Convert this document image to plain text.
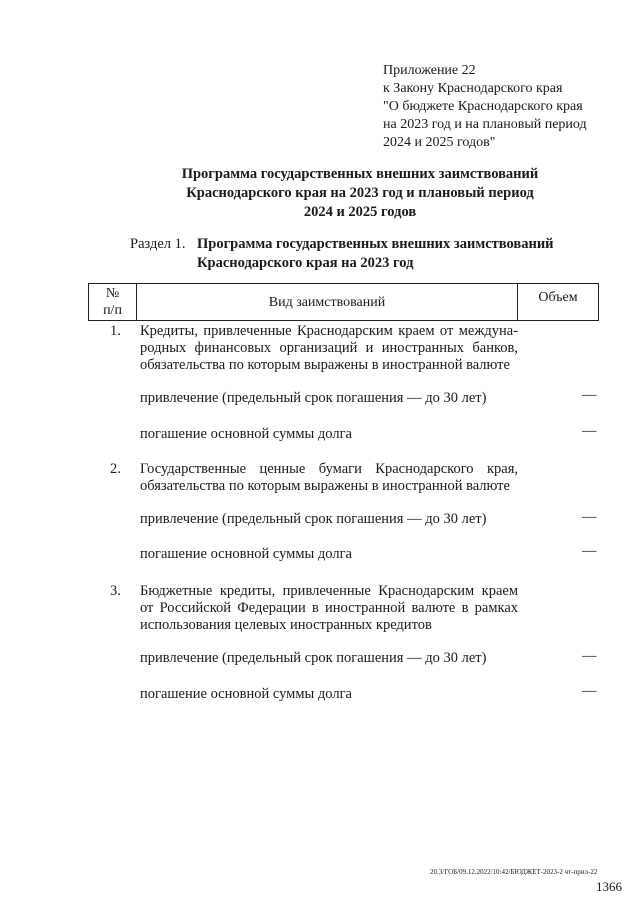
Приложение 22
к Закону Краснодарского края
"О бюджете Краснодарского края
на 2023 год и на плановый период
2024 и 2025 годов"
Программа государственных внешних заимствований
Краснодарского края на 2023 год и плановый период
2024 и 2025 годов
Раздел 1. Программа государственных внешних заимствований
Краснодарского края на 2023 год
№
п/п
	Вид заимствований	Объем
1. Кредиты, привлеченные Краснодарским краем от междуна-родных финансовых организаций и иностранных банков, обязательства по которым выражены в иностранной валюте
привлечение (предельный срок погашения — до 30 лет)	—
погашение основной суммы долга	—
2. Государственные ценные бумаги Краснодарского края, обязательства по которым выражены в иностранной валюте
привлечение (предельный срок погашения — до 30 лет)	—
погашение основной суммы долга	—
3. Бюджетные кредиты, привлеченные Краснодарским краем от Российской Федерации в иностранной валюте в рамках использования целевых иностранных кредитов
привлечение (предельный срок погашения — до 30 лет)	—
погашение основной суммы долга	—
20.3/ГОБ/09.12.2022/10:42/БЮДЖЕТ-2023-2 чт-прил-22
1366
